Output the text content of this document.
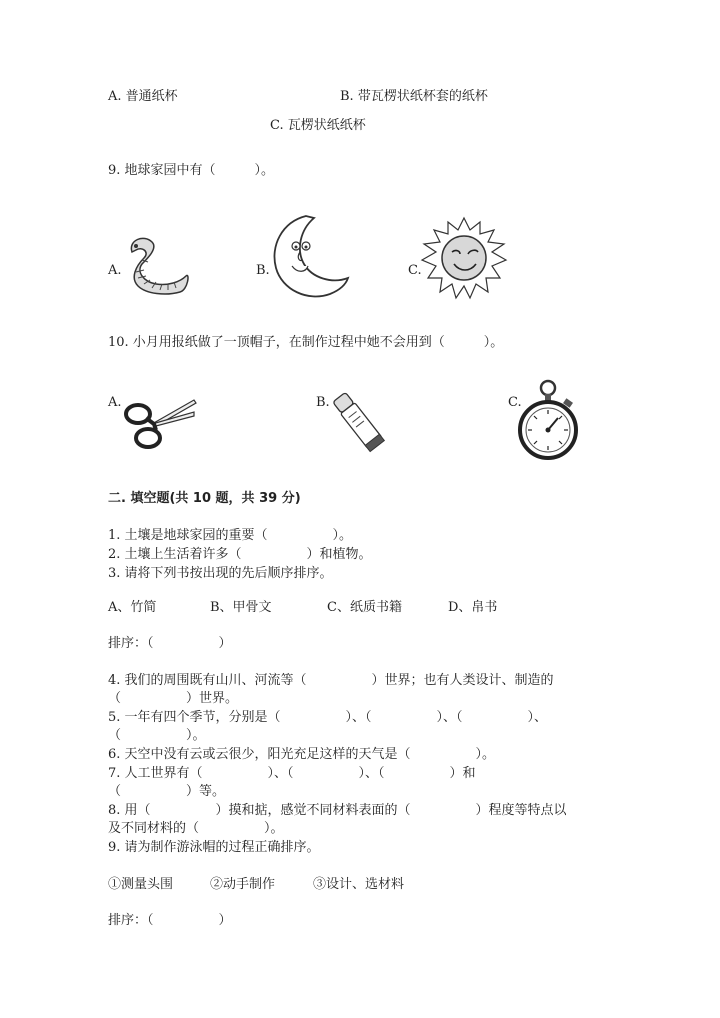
A. 普通纸杯	B. 带瓦楞状纸杯套的纸杯
C. 瓦楞状纸纸杯
9. 地球家园中有（　　　）。
A.	B.	C.
10. 小月用报纸做了一顶帽子，在制作过程中她不会用到（　　　）。
A.	B.	C.
二. 填空题(共 10 题，共 39 分)
1. 土壤是地球家园的重要（　　　　　）。
2. 土壤上生活着许多（　　　　　）和植物。
3. 请将下列书按出现的先后顺序排序。
A、竹简	B、甲骨文	C、纸质书籍	D、帛书
排序：（　　　　　）
4. 我们的周围既有山川、河流等（　　　　　）世界；也有人类设计、制造的
（　　　　　）世界。
5. 一年有四个季节，分别是（　　　　　）、（　　　　　）、（　　　　　）、
（　　　　　）。
6. 天空中没有云或云很少，阳光充足这样的天气是（　　　　　）。
7. 人工世界有（　　　　　）、（　　　　　）、（　　　　　）和
（　　　　　）等。
8. 用（　　　　　）摸和掂，感觉不同材料表面的（　　　　　）程度等特点以
及不同材料的（　　　　　）。
9. 请为制作游泳帽的过程正确排序。
①测量头围	②动手制作	③设计、选材料
排序：（　　　　　）
